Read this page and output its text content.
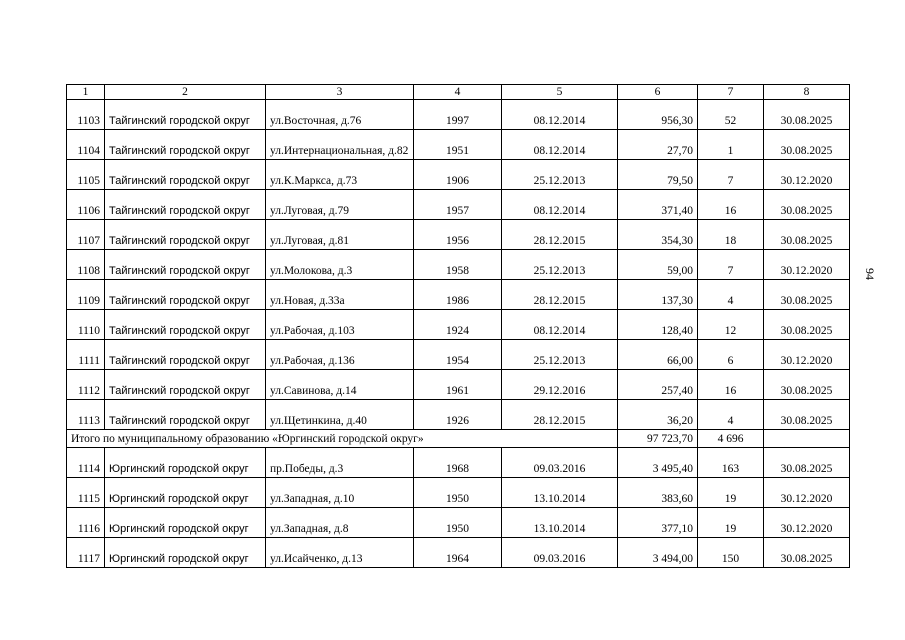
94
1	2	3	4	5	6	7	8
1103	Тайгинский городской округ	ул.Восточная, д.76	1997	08.12.2014	956,30	52	30.08.2025
1104	Тайгинский городской округ	ул.Интернациональная, д.82	1951	08.12.2014	27,70	1	30.08.2025
1105	Тайгинский городской округ	ул.К.Маркса, д.73	1906	25.12.2013	79,50	7	30.12.2020
1106	Тайгинский городской округ	ул.Луговая, д.79	1957	08.12.2014	371,40	16	30.08.2025
1107	Тайгинский городской округ	ул.Луговая, д.81	1956	28.12.2015	354,30	18	30.08.2025
1108	Тайгинский городской округ	ул.Молокова, д.3	1958	25.12.2013	59,00	7	30.12.2020
1109	Тайгинский городской округ	ул.Новая, д.33а	1986	28.12.2015	137,30	4	30.08.2025
1110	Тайгинский городской округ	ул.Рабочая, д.103	1924	08.12.2014	128,40	12	30.08.2025
1111	Тайгинский городской округ	ул.Рабочая, д.136	1954	25.12.2013	66,00	6	30.12.2020
1112	Тайгинский городской округ	ул.Савинова, д.14	1961	29.12.2016	257,40	16	30.08.2025
1113	Тайгинский городской округ	ул.Щетинкина, д.40	1926	28.12.2015	36,20	4	30.08.2025
Итого по муниципальному образованию «Юргинский городской округ»					97 723,70	4 696	
1114	Юргинский городской округ	пр.Победы, д.3	1968	09.03.2016	3 495,40	163	30.08.2025
1115	Юргинский городской округ	ул.Западная, д.10	1950	13.10.2014	383,60	19	30.12.2020
1116	Юргинский городской округ	ул.Западная, д.8	1950	13.10.2014	377,10	19	30.12.2020
1117	Юргинский городской округ	ул.Исайченко, д.13	1964	09.03.2016	3 494,00	150	30.08.2025
